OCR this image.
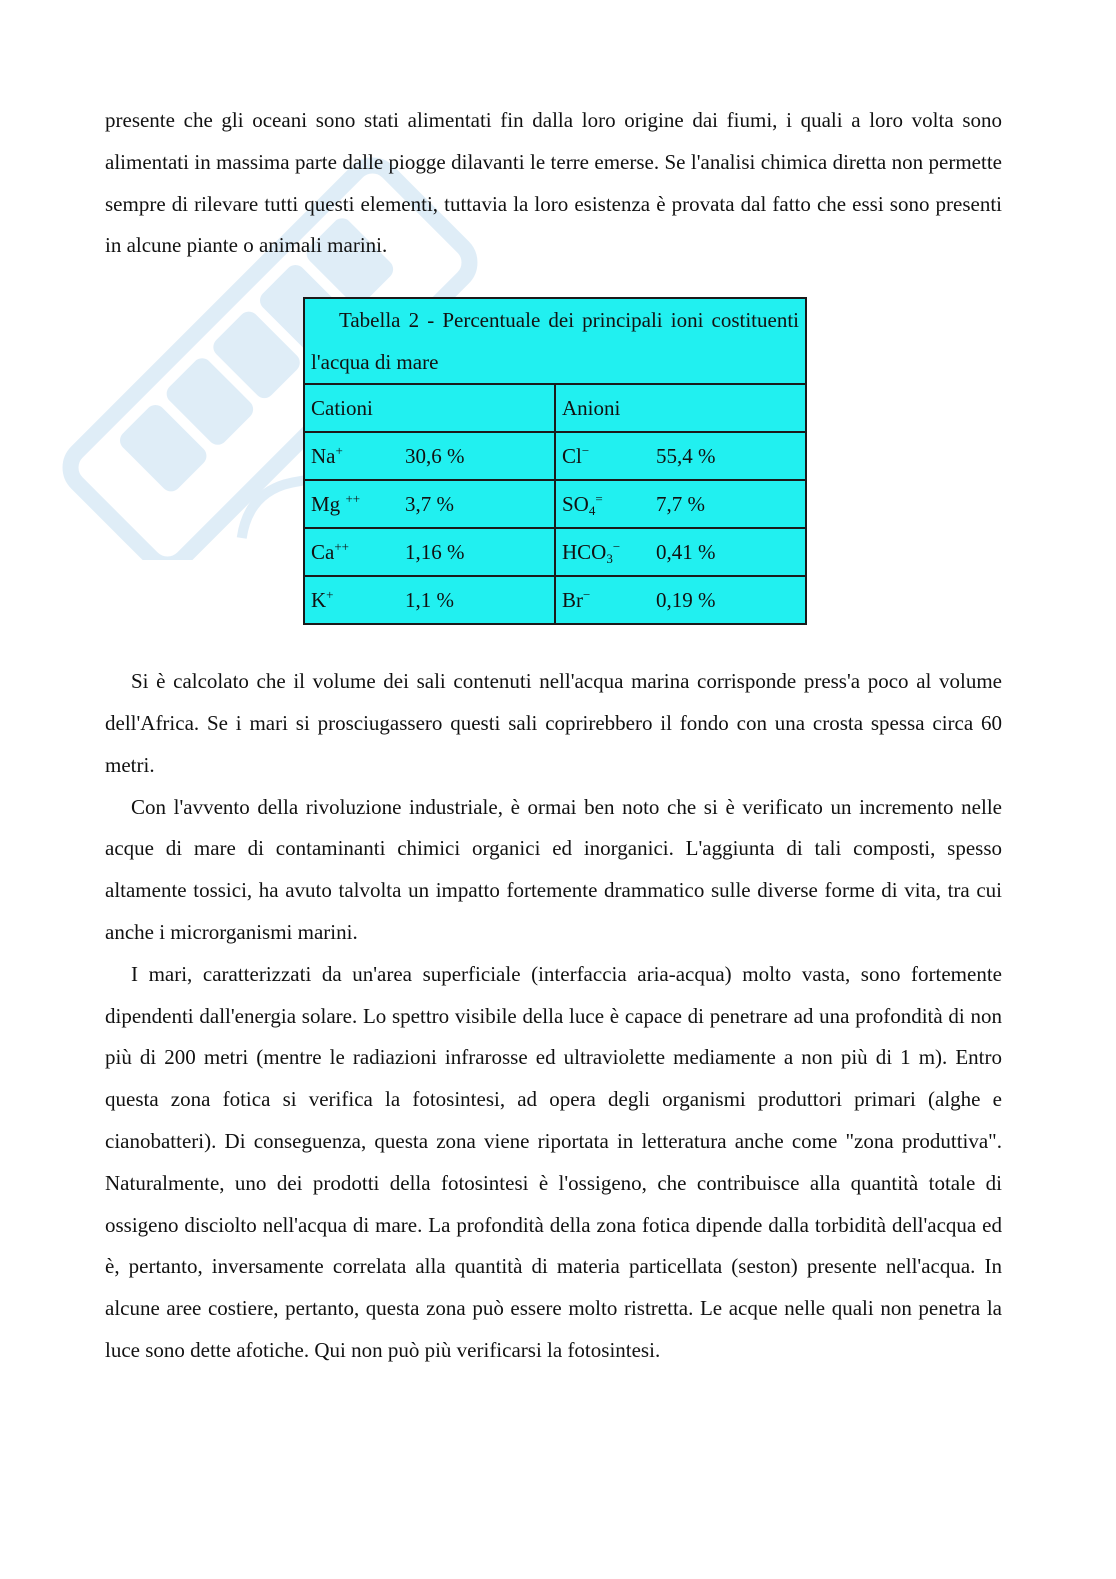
presente che gli oceani sono stati alimentati fin dalla loro origine dai fiumi, i quali a loro volta sono alimentati in massima parte dalle piogge dilavanti le terre emerse. Se l'analisi chimica diretta non permette sempre di rilevare tutti questi elementi, tuttavia la loro esistenza è provata dal fatto che essi sono presenti in alcune piante o animali marini.

Tabella 2 - Percentuale dei principali ioni costituenti l'acqua di mare	
Cationi	Anioni
Na+ 30,6 %	Cl− 55,4 %
Mg ++ 3,7 %	$SO_4^=$ 7,7 %
Ca++ 1,16 %	$HCO_3^-$ 0,41 %
K+ 1,1 %	Br− 0,19 %

Si è calcolato che il volume dei sali contenuti nell'acqua marina corrisponde press'a poco al volume dell'Africa. Se i mari si prosciugassero questi sali coprirebbero il fondo con una crosta spessa circa 60 metri.

Con l'avvento della rivoluzione industriale, è ormai ben noto che si è verificato un incremento nelle acque di mare di contaminanti chimici organici ed inorganici. L'aggiunta di tali composti, spesso altamente tossici, ha avuto talvolta un impatto fortemente drammatico sulle diverse forme di vita, tra cui anche i microrganismi marini.

I mari, caratterizzati da un'area superficiale (interfaccia aria-acqua) molto vasta, sono fortemente dipendenti dall'energia solare. Lo spettro visibile della luce è capace di penetrare ad una profondità di non più di 200 metri (mentre le radiazioni infrarosse ed ultraviolette mediamente a non più di 1 m). Entro questa zona fotica si verifica la fotosintesi, ad opera degli organismi produttori primari (alghe e cianobatteri). Di conseguenza, questa zona viene riportata in letteratura anche come "zona produttiva". Naturalmente, uno dei prodotti della fotosintesi è l'ossigeno, che contribuisce alla quantità totale di ossigeno disciolto nell'acqua di mare. La profondità della zona fotica dipende dalla torbidità dell'acqua ed è, pertanto, inversamente correlata alla quantità di materia particellata (seston) presente nell'acqua. In alcune aree costiere, pertanto, questa zona può essere molto ristretta. Le acque nelle quali non penetra la luce sono dette afotiche. Qui non può più verificarsi la fotosintesi.
